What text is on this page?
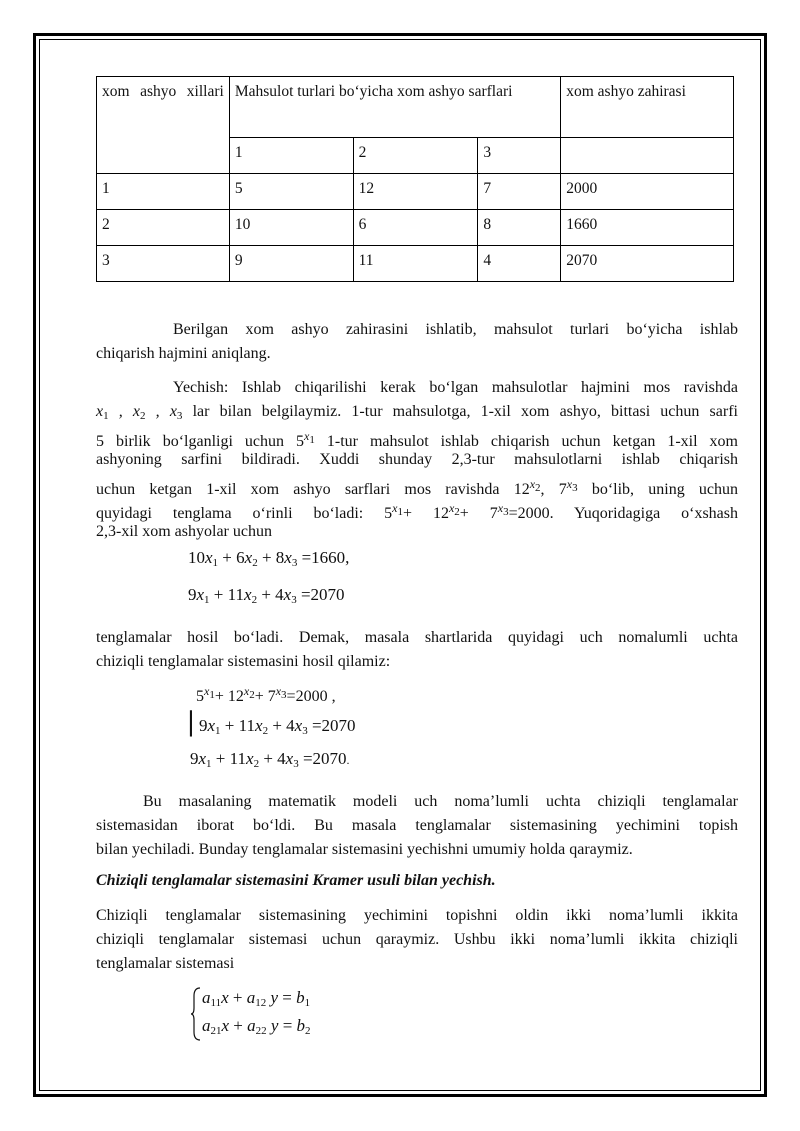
xom ashyo xillari	Mahsulot turlari bo‘yicha xom ashyo sarflari			xom ashyo zahirasi
	1	2	3	
1	5	12	7	2000
2	10	6	8	1660
3	9	11	4	2070
Berilgan xom ashyo zahirasini ishlatib, mahsulot turlari bo‘yicha ishlab
chiqarish hajmini aniqlang.
Yechish: Ishlab chiqarilishi kerak bo‘lgan mahsulotlar hajmini mos ravishda
$x_1$ , $x_2$ , $x_3$ lar bilan belgilaymiz. 1-tur mahsulotga, 1-xil xom ashyo, bittasi uchun sarfi
5 birlik bo‘lganligi uchun $5^{x1}$ 1-tur mahsulot ishlab chiqarish uchun ketgan 1-xil xom
ashyoning sarfini bildiradi. Xuddi shunday 2,3-tur mahsulotlarni ishlab chiqarish
uchun ketgan 1-xil xom ashyo sarflari mos ravishda $12^{x2}$, $7^{x3}$ bo‘lib, uning uchun
quyidagi tenglama o‘rinli bo‘ladi: $5^{x1}+ 12^{x2}+ 7^{x3}=2000$. Yuqoridagiga o‘xshash
2,3-xil xom ashyolar uchun
$10x_1 + 6x_2 + 8x_3 =1660$,
$9x_1 + 11x_2 + 4x_3 =2070$
tenglamalar hosil bo‘ladi. Demak, masala shartlarida quyidagi uch nomalumli uchta
chiziqli tenglamalar sistemasini hosil qilamiz:
$5^{x1}+ 12^{x2}+ 7^{x3}=2000$ ,
$⎢9x_1 + 11x_2 + 4x_3 =2070$
$9x_1 + 11x_2 + 4x_3 =2070$.
Bu masalaning matematik modeli uch noma’lumli uchta chiziqli tenglamalar
sistemasidan iborat bo‘ldi. Bu masala tenglamalar sistemasining yechimini topish
bilan yechiladi. Bunday tenglamalar sistemasini yechishni umumiy holda qaraymiz.
Chiziqli tenglamalar sistemasini Kramer usuli bilan yechish.
Chiziqli tenglamalar sistemasining yechimini topishni oldin ikki noma’lumli ikkita
chiziqli tenglamalar sistemasi uchun qaraymiz. Ushbu ikki noma’lumli ikkita chiziqli
tenglamalar sistemasi
$a_{11}x + a_{12}$ $y = b_1$
$a_{21}x + a_{22}$ $y = b_2$
